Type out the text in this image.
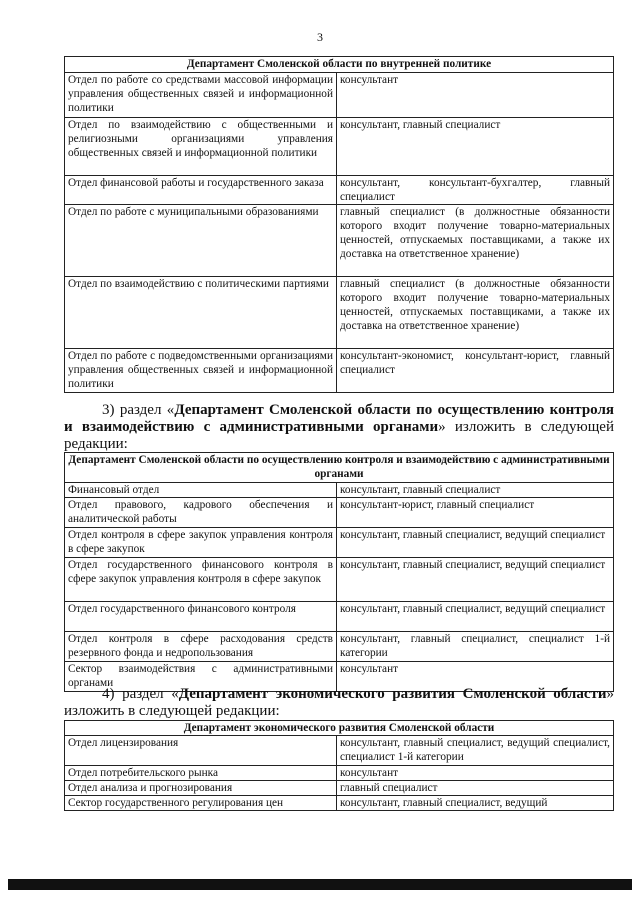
3
Департамент Смоленской области по внутренней политике	
Отдел по работе со средствами массовой информации управления общественных связей и информационной политики	консультант
Отдел по взаимодействию с общественными и религиозными организациями управления общественных связей и информационной политики	консультант, главный специалист
Отдел финансовой работы и государственного заказа	консультант, консультант-бухгалтер, главный специалист
Отдел по работе с муниципальными образованиями	главный специалист (в должностные обязанности которого входит получение товарно-материальных ценностей, отпускаемых поставщиками, а также их доставка на ответственное хранение)
Отдел по взаимодействию с политическими партиями	главный специалист (в должностные обязанности которого входит получение товарно-материальных ценностей, отпускаемых поставщиками, а также их доставка на ответственное хранение)
Отдел по работе с подведомственными организациями управления общественных связей и информационной политики	консультант-экономист, консультант-юрист, главный специалист
3) раздел «Департамент Смоленской области по осуществлению контроля и взаимодействию с административными органами» изложить в следующей редакции:
Департамент Смоленской области по осуществлению контроля и взаимодействию с административными органами	
Финансовый отдел	консультант, главный специалист
Отдел правового, кадрового обеспечения и аналитической работы	консультант-юрист, главный специалист
Отдел контроля в сфере закупок управления контроля в сфере закупок	консультант, главный специалист, ведущий специалист
Отдел государственного финансового контроля в сфере закупок управления контроля в сфере закупок	консультант, главный специалист, ведущий специалист
Отдел государственного финансового контроля	консультант, главный специалист, ведущий специалист
Отдел контроля в сфере расходования средств резервного фонда и недропользования	консультант, главный специалист, специалист 1-й категории
Сектор взаимодействия с административными органами	консультант
4) раздел «Департамент экономического развития Смоленской области» изложить в следующей редакции:
Департамент экономического развития Смоленской области	
Отдел лицензирования	консультант, главный специалист, ведущий специалист, специалист 1-й категории
Отдел потребительского рынка	консультант
Отдел анализа и прогнозирования	главный специалист
Сектор государственного регулирования цен	консультант, главный специалист, ведущий
